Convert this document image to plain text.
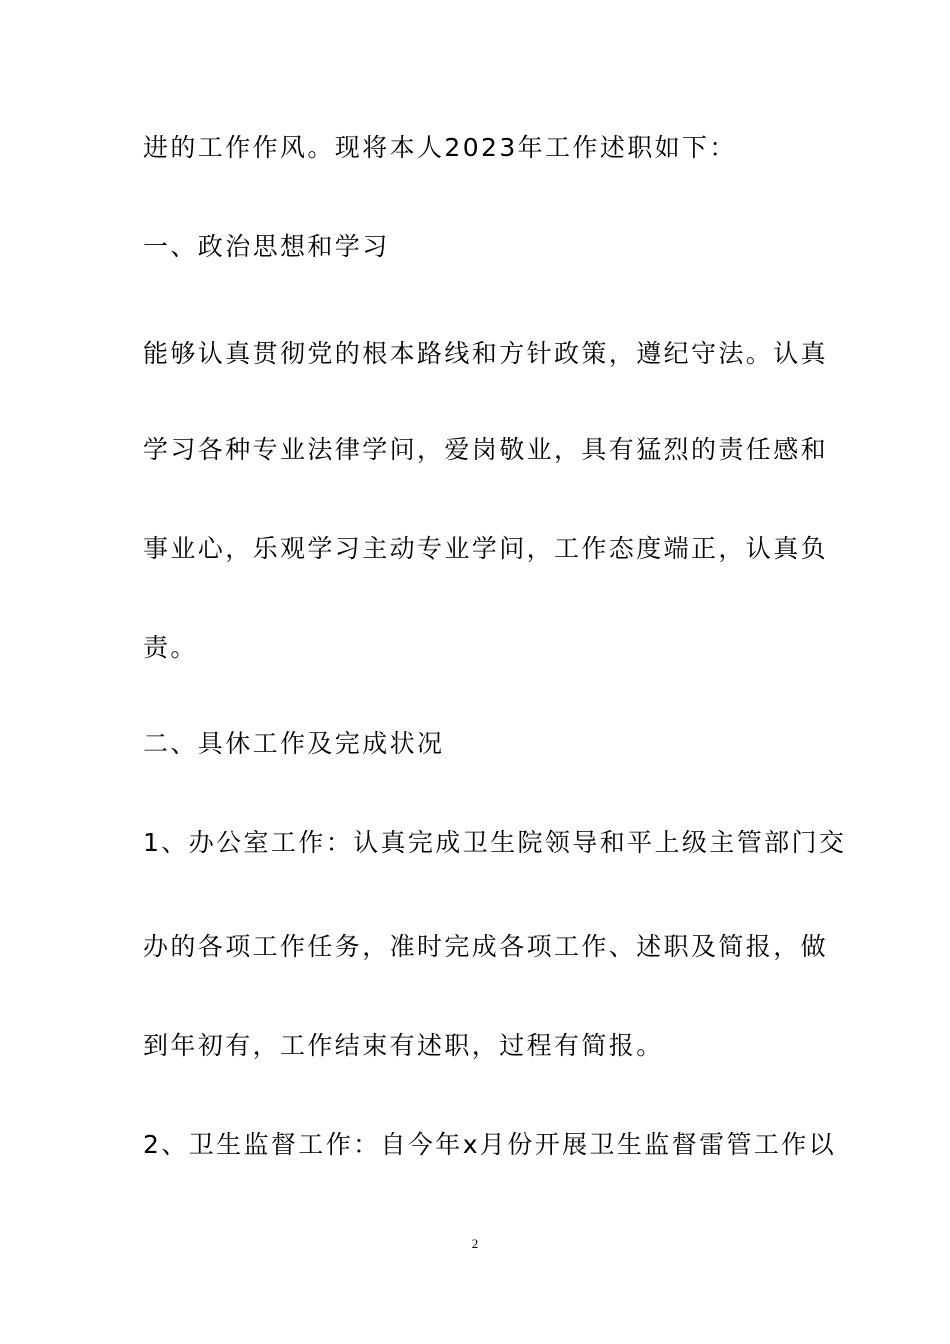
进的工作作风。现将本人2023年工作述职如下：

一、政治思想和学习

能够认真贯彻党的根本路线和方针政策，遵纪守法。认真

学习各种专业法律学问，爱岗敬业，具有猛烈的责任感和

事业心，乐观学习主动专业学问，工作态度端正，认真负

责。

二、具休工作及完成状况

1、办公室工作：认真完成卫生院领导和平上级主管部门交

办的各项工作任务，准时完成各项工作、述职及简报，做

到年初有，工作结束有述职，过程有简报。

2、卫生监督工作：自今年x月份开展卫生监督雷管工作以

2
